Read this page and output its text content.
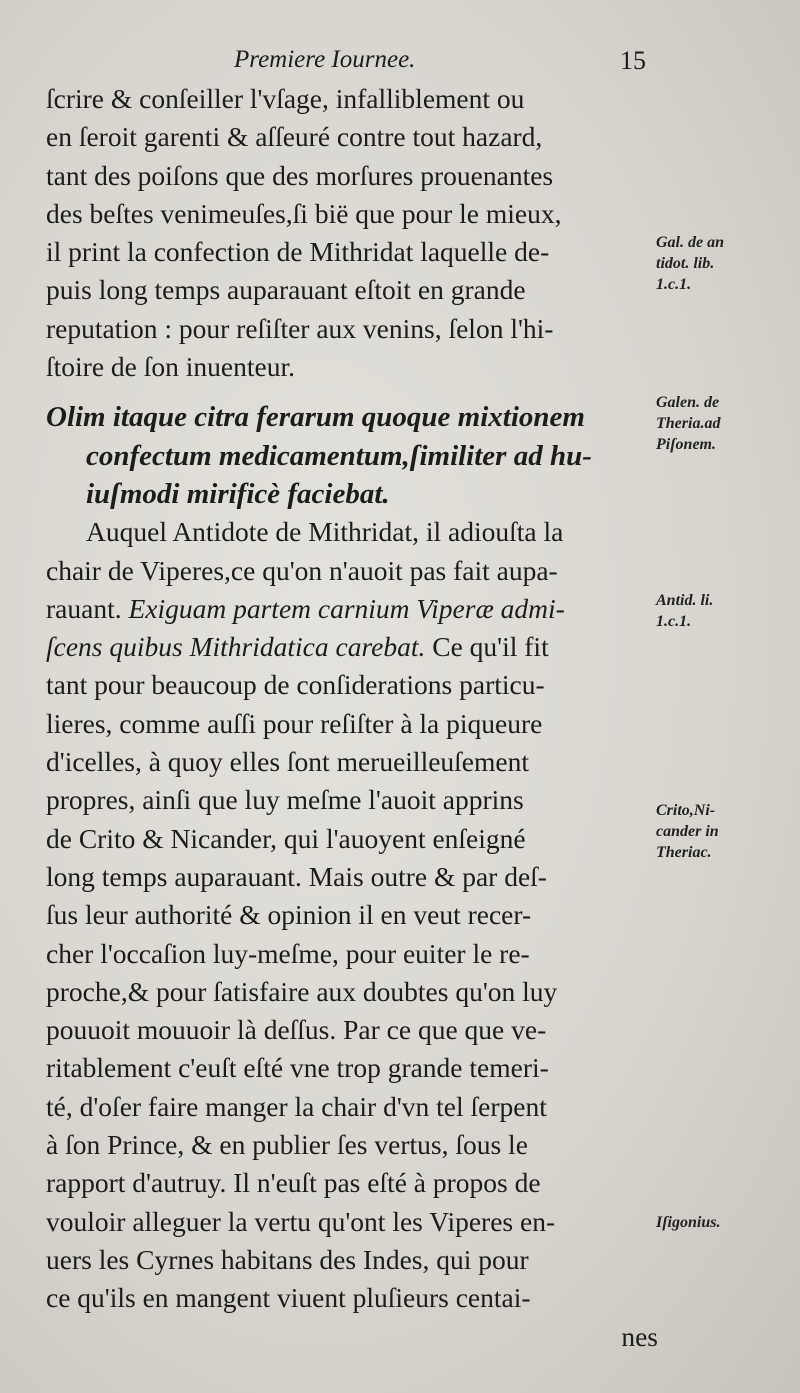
Premiere Iournee.	15
ſcrire & conſeiller l'vſage, infalliblement ou
en ſeroit garenti & aſſeuré contre tout hazard,
tant des poiſons que des morſures prouenantes
des beſtes venimeuſes,ſi bië que pour le mieux,
il print la confection de Mithridat laquelle de-
puis long temps auparauant eſtoit en grande
reputation : pour reſiſter aux venins, ſelon l'hi-
ſtoire de ſon inuenteur.
Olim itaque citra ferarum quoque mixtionem
confectum medicamentum,ſimiliter ad hu-
iuſmodi mirificè faciebat.
Auquel Antidote de Mithridat, il adiouſta la
chair de Viperes,ce qu'on n'auoit pas fait aupa-
rauant. Exiguam partem carnium Viperæ admi-
ſcens quibus Mithridatica carebat. Ce qu'il fit
tant pour beaucoup de conſiderations particu-
lieres, comme auſſi pour reſiſter à la piqueure
d'icelles, à quoy elles ſont merueilleuſement
propres, ainſi que luy meſme l'auoit apprins
de Crito & Nicander, qui l'auoyent enſeigné
long temps auparauant. Mais outre & par deſ-
ſus leur authorité & opinion il en veut recer-
cher l'occaſion luy-meſme, pour euiter le re-
proche,& pour ſatisfaire aux doubtes qu'on luy
pouuoit mouuoir là deſſus. Par ce que que ve-
ritablement c'euſt eſté vne trop grande temeri-
té, d'oſer faire manger la chair d'vn tel ſerpent
à ſon Prince, & en publier ſes vertus, ſous le
rapport d'autruy. Il n'euſt pas eſté à propos de
vouloir alleguer la vertu qu'ont les Viperes en-
uers les Cyrnes habitans des Indes, qui pour
ce qu'ils en mangent viuent pluſieurs centai-
nes
Gal. de an
tidot. lib.
1.c.1.
Galen. de
Theria.ad
Piſonem.
Antid. li.
1.c.1.
Crito,Ni-
cander in
Theriac.
Iſigonius.
